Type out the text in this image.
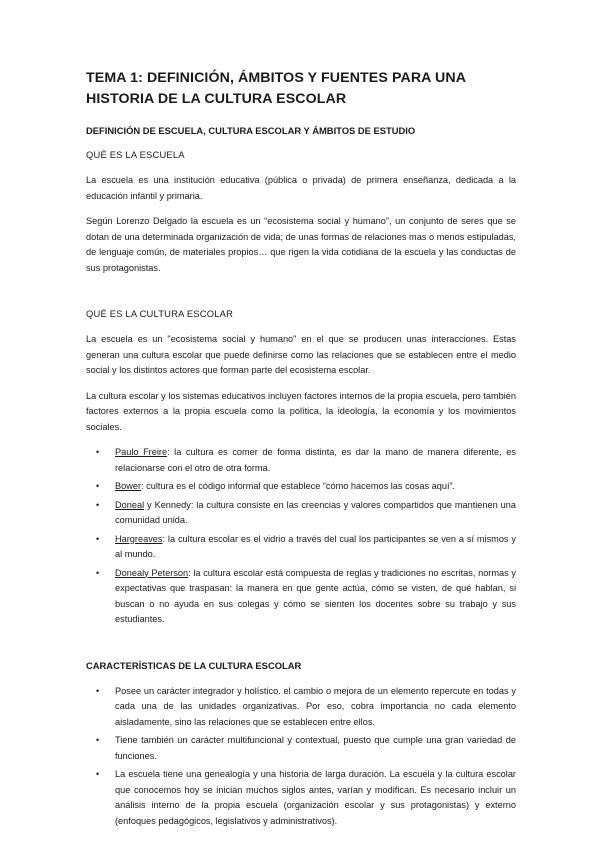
TEMA 1: DEFINICIÓN, ÁMBITOS Y FUENTES PARA UNA HISTORIA DE LA CULTURA ESCOLAR
DEFINICIÓN DE ESCUELA, CULTURA ESCOLAR Y ÁMBITOS DE ESTUDIO
QUÉ ES LA ESCUELA

La escuela es una institución educativa (pública o privada) de primera enseñanza, dedicada a la educación infantil y primaria.

Según Lorenzo Delgado la escuela es un “ecosistema social y humano”, un conjunto de seres que se dotan de una determinada organización de vida; de unas formas de relaciones mas o menos estipuladas, de lenguaje común, de materiales propios… que rigen la vida cotidiana de la escuela y las conductas de sus protagonistas.

QUÉ ES LA CULTURA ESCOLAR

La escuela es un "ecosistema social y humano" en el que se producen unas interacciones. Estas generan una cultura escolar que puede definirse como las relaciones que se establecen entre el medio social y los distintos actores que forman parte del ecosistema escolar.

La cultura escolar y los sistemas educativos incluyen factores internos de la propia escuela, pero también factores externos a la propia escuela como la política, la ideología, la economía y los movimientos sociales.

• Paulo Freire: la cultura es comer de forma distinta, es dar la mano de manera diferente, es relacionarse con el otro de otra forma.
• Bower: cultura es el código informal que establece “cómo hacemos las cosas aquí”.
• Doneal y Kennedy: la cultura consiste en las creencias y valores compartidos que mantienen una comunidad unida.
• Hargreaves: la cultura escolar es el vidrio a través del cual los participantes se ven a sí mismos y al mundo.
• Donealy Peterson: la cultura escolar está compuesta de reglas y tradiciones no escritas, normas y expectativas que traspasan: la manera en que gente actúa, cómo se visten, de qué hablan, si buscan o no ayuda en sus colegas y cómo se sienten los docentes sobre su trabajo y sus estudiantes.
CARACTERÍSTICAS DE LA CULTURA ESCOLAR
• Posee un carácter integrador y holístico. el cambio o mejora de un elemento repercute en todas y cada una de las unidades organizativas. Por eso, cobra importancia no cada elemento aisladamente, sino las relaciones que se establecen entre ellos.
• Tiene también un carácter multifuncional y contextual, puesto que cumple una gran variedad de funciones.
• La escuela tiene una genealogía y una historia de larga duración. La escuela y la cultura escolar que conocemos hoy se inician muchos siglos antes, varían y modifican. Es necesario incluir un análisis interno de la propia escuela (organización escolar y sus protagonistas) y externo (enfoques pedagógicos, legislativos y administrativos).
